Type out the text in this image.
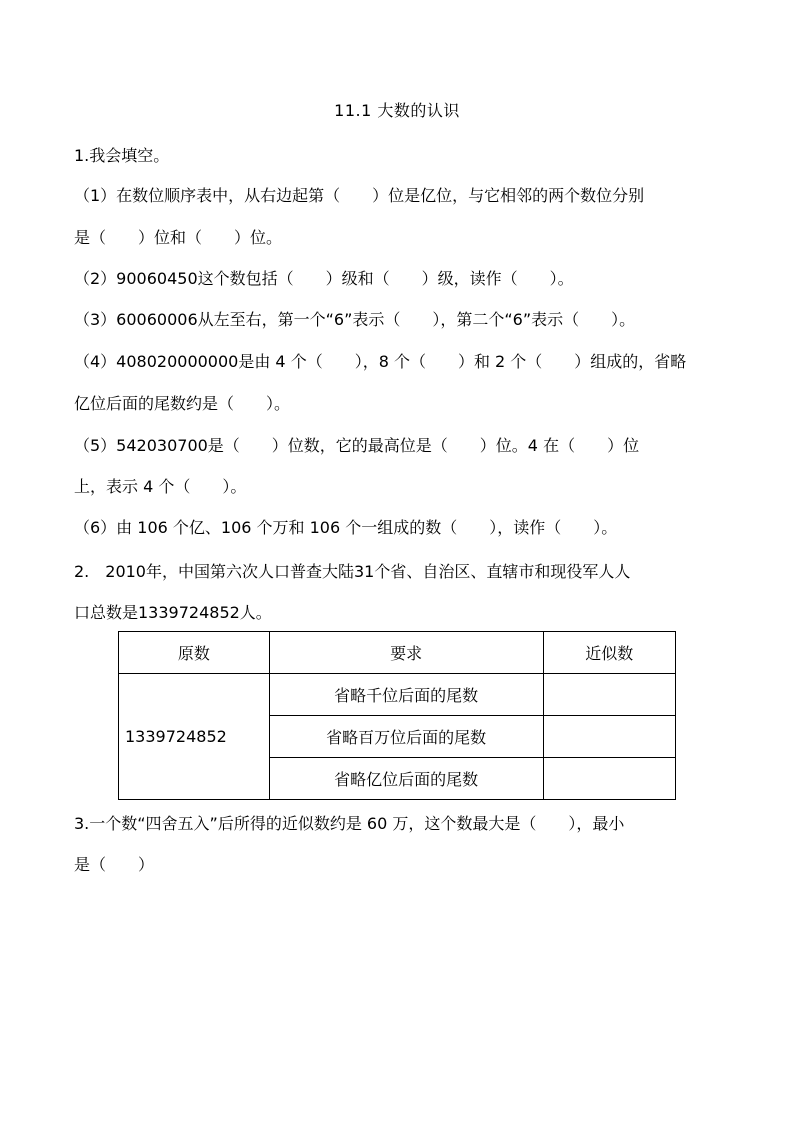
11.1 大数的认识
1.我会填空。
（1）在数位顺序表中，从右边起第（　　）位是亿位，与它相邻的两个数位分别
是（　　）位和（　　）位。
（2）90060450这个数包括（　　）级和（　　）级，读作（　　）。
（3）60060006从左至右，第一个“6”表示（　　），第二个“6”表示（　　）。
（4）408020000000是由 4 个（　　），8 个（　　）和 2 个（　　）组成的，省略
亿位后面的尾数约是（　　）。
（5）542030700是（　　）位数，它的最高位是（　　）位。4 在（　　）位
上，表示 4 个（　　）。
（6）由 106 个亿、106 个万和 106 个一组成的数（　　），读作（　　）。
2.　2010年，中国第六次人口普查大陆31个省、自治区、直辖市和现役军人人
口总数是1339724852人。
原数	要求	近似数
1339724852	省略千位后面的尾数	
	省略百万位后面的尾数	
	省略亿位后面的尾数	
3.一个数“四舍五入”后所得的近似数约是 60 万，这个数最大是（　　），最小
是（　　）
